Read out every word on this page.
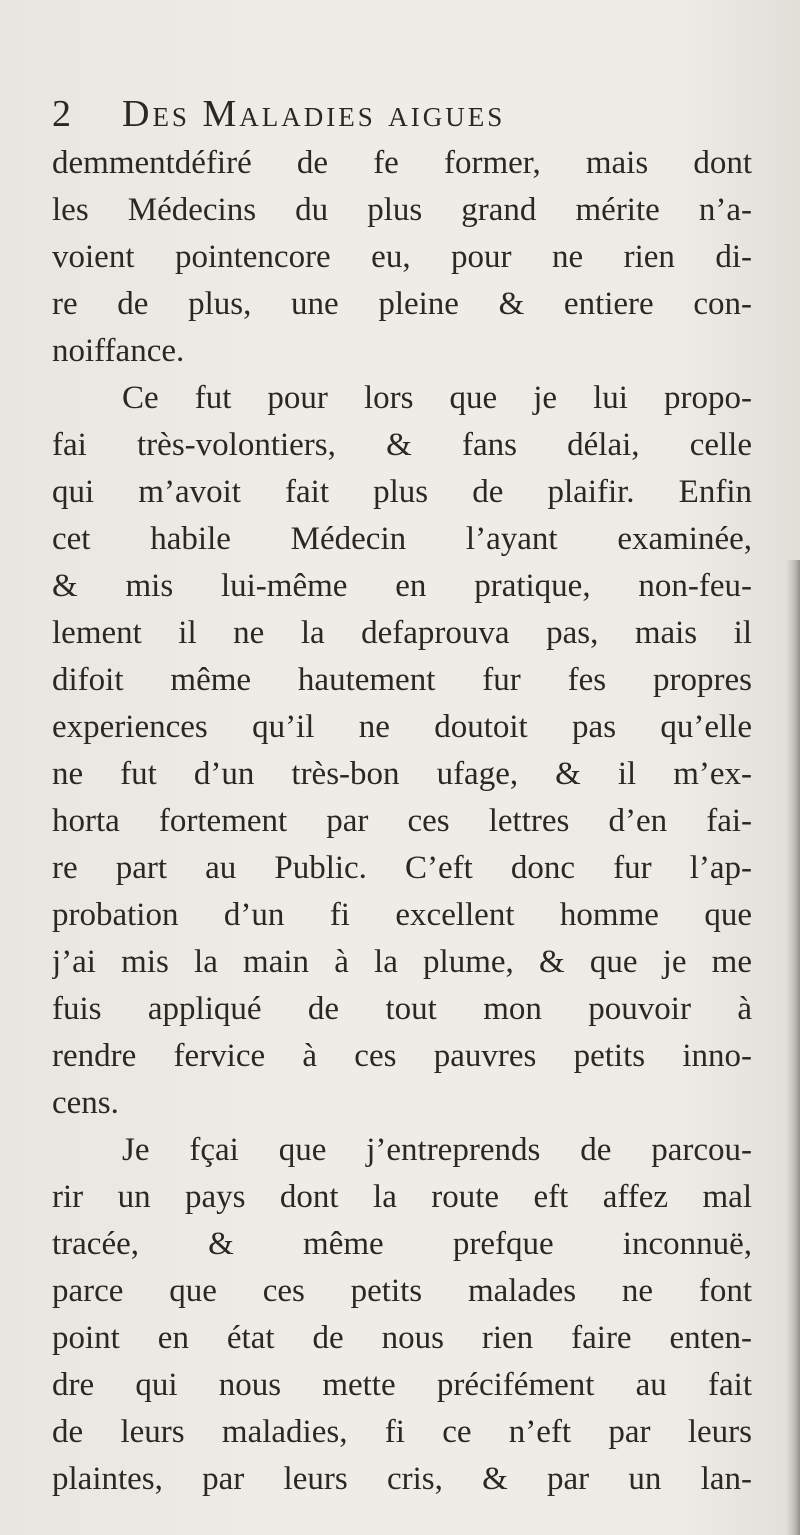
2 Des Maladies aigues
demmentdéfiré de fe former, mais dont
les Médecins du plus grand mérite n’a-
voient pointencore eu, pour ne rien di-
re de plus, une pleine & entiere con-
noiffance.
Ce fut pour lors que je lui propo-
fai très-volontiers, & fans délai, celle
qui m’avoit fait plus de plaifir. Enfin
cet habile Médecin l’ayant examinée,
& mis lui-même en pratique, non-feu-
lement il ne la defaprouva pas, mais il
difoit même hautement fur fes propres
experiences qu’il ne doutoit pas qu’elle
ne fut d’un très-bon ufage, & il m’ex-
horta fortement par ces lettres d’en fai-
re part au Public. C’eft donc fur l’ap-
probation d’un fi excellent homme que
j’ai mis la main à la plume, & que je me
fuis appliqué de tout mon pouvoir à
rendre fervice à ces pauvres petits inno-
cens.
Je fçai que j’entreprends de parcou-
rir un pays dont la route eft affez mal
tracée, & même prefque inconnuë,
parce que ces petits malades ne font
point en état de nous rien faire enten-
dre qui nous mette précifément au fait
de leurs maladies, fi ce n’eft par leurs
plaintes, par leurs cris, & par un lan-
